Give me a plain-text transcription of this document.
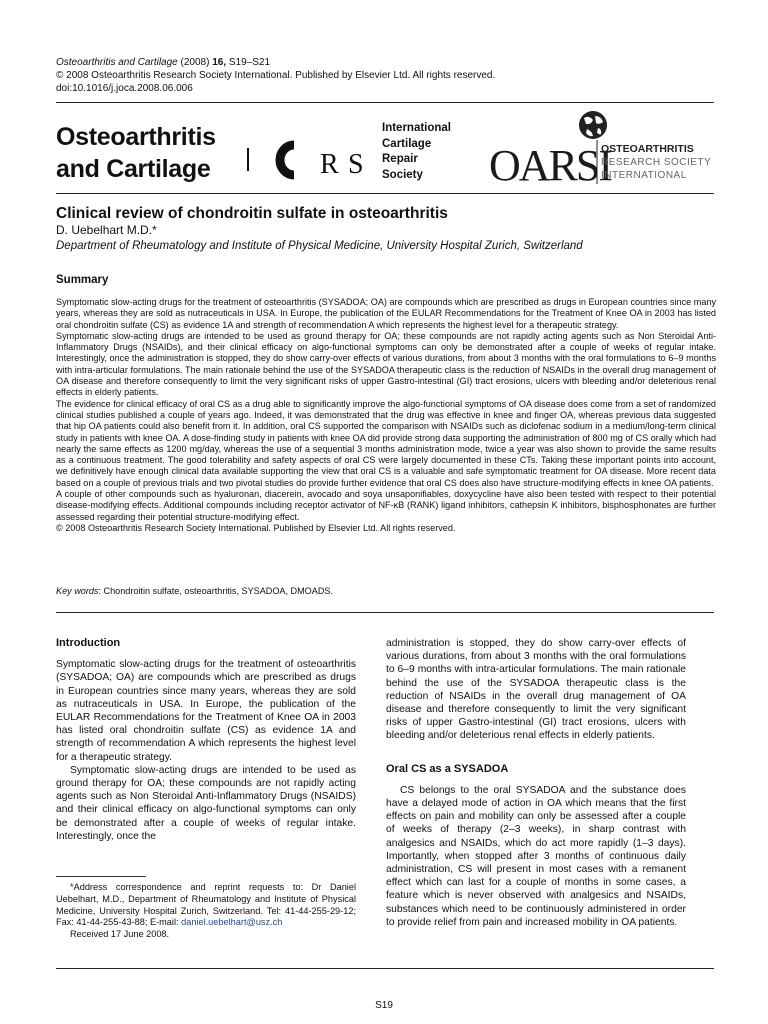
Osteoarthritis and Cartilage (2008) 16, S19–S21
© 2008 Osteoarthritis Research Society International. Published by Elsevier Ltd. All rights reserved.
doi:10.1016/j.joca.2008.06.006
Osteoarthritis
and Cartilage	R S
International
Cartilage
Repair
Society	OARSI
OSTEOARTHRITIS
RESEARCH SOCIETY
INTERNATIONAL
Clinical review of chondroitin sulfate in osteoarthritis
D. Uebelhart M.D.*
Department of Rheumatology and Institute of Physical Medicine, University Hospital Zurich, Switzerland
Summary

Symptomatic slow-acting drugs for the treatment of osteoarthritis (SYSADOA; OA) are compounds which are prescribed as drugs in European countries since many years, whereas they are sold as nutraceuticals in USA. In Europe, the publication of the EULAR Recommendations for the Treatment of Knee OA in 2003 has listed oral chondroitin sulfate (CS) as evidence 1A and strength of recommendation A which represents the highest level for a therapeutic strategy.

Symptomatic slow-acting drugs are intended to be used as ground therapy for OA; these compounds are not rapidly acting agents such as Non Steroidal Anti-Inflammatory Drugs (NSAIDs), and their clinical efficacy on algo-functional symptoms can only be demonstrated after a couple of weeks of regular intake. Interestingly, once the administration is stopped, they do show carry-over effects of various durations, from about 3 months with the oral formulations to 6–9 months with intra-articular formulations. The main rationale behind the use of the SYSADOA therapeutic class is the reduction of NSAIDs in the overall drug management of OA disease and therefore consequently to limit the very significant risks of upper Gastro-intestinal (GI) tract erosions, ulcers with bleeding and/or deleterious renal effects in elderly patients.

The evidence for clinical efficacy of oral CS as a drug able to significantly improve the algo-functional symptoms of OA disease does come from a set of randomized clinical studies published a couple of years ago. Indeed, it was demonstrated that the drug was effective in knee and finger OA, whereas previous data suggested that hip OA patients could also benefit from it. In addition, oral CS supported the comparison with NSAIDs such as diclofenac sodium in a medium/long-term clinical study in patients with knee OA. A dose-finding study in patients with knee OA did provide strong data supporting the administration of 800 mg of CS orally which had nearly the same effects as 1200 mg/day, whereas the use of a sequential 3 months administration mode, twice a year was also shown to provide the same results as a continuous treatment. The good tolerability and safety aspects of oral CS were largely documented in these CTs. Taking these important points into account, we definitively have enough clinical data available supporting the view that oral CS is a valuable and safe symptomatic treatment for OA disease. More recent data based on a couple of previous trials and two pivotal studies do provide further evidence that oral CS does also have structure-modifying effects in knee OA patients.

A couple of other compounds such as hyaluronan, diacerein, avocado and soya unsaponifiables, doxycycline have also been tested with respect to their potential disease-modifying effects. Additional compounds including receptor activator of NF-κB (RANK) ligand inhibitors, cathepsin K inhibitors, bisphosphonates are further assessed regarding their potential structure-modifying effect.

© 2008 Osteoarthritis Research Society International. Published by Elsevier Ltd. All rights reserved.

Key words: Chondroitin sulfate, osteoarthritis, SYSADOA, DMOADS.
Introduction

Symptomatic slow-acting drugs for the treatment of osteoarthritis (SYSADOA; OA) are compounds which are prescribed as drugs in European countries since many years, whereas they are sold as nutraceuticals in USA. In Europe, the publication of the EULAR Recommendations for the Treatment of Knee OA in 2003 has listed oral chondroitin sulfate (CS) as evidence 1A and strength of recommendation A which represents the highest level for a therapeutic strategy.

Symptomatic slow-acting drugs are intended to be used as ground therapy for OA; these compounds are not rapidly acting agents such as Non Steroidal Anti-Inflammatory Drugs (NSAIDS) and their clinical efficacy on algo-functional symptoms can only be demonstrated after a couple of weeks of regular intake. Interestingly, once the

*Address correspondence and reprint requests to: Dr Daniel Uebelhart, M.D., Department of Rheumatology and Institute of Physical Medicine, University Hospital Zurich, Switzerland. Tel: 41-44-255-29-12; Fax: 41-44-255-43-88; E-mail: daniel.uebelhart@usz.ch

Received 17 June 2008.

administration is stopped, they do show carry-over effects of various durations, from about 3 months with the oral formulations to 6–9 months with intra-articular formulations. The main rationale behind the use of the SYSADOA therapeutic class is the reduction of NSAIDs in the overall drug management of OA disease and therefore consequently to limit the very significant risks of upper Gastro-intestinal (GI) tract erosions, ulcers with bleeding and/or deleterious renal effects in elderly patients.

Oral CS as a SYSADOA

CS belongs to the oral SYSADOA and the substance does have a delayed mode of action in OA which means that the first effects on pain and mobility can only be assessed after a couple of weeks of therapy (2–3 weeks), in sharp contrast with analgesics and NSAIDs, which do act more rapidly (1–3 days). Importantly, when stopped after 3 months of continuous daily administration, CS will present in most cases with a remanent effect which can last for a couple of months in some cases, a feature which is never observed with analgesics and NSAIDs, substances which need to be continuously administered in order to provide relief from pain and increased mobility in OA patients.

S19
